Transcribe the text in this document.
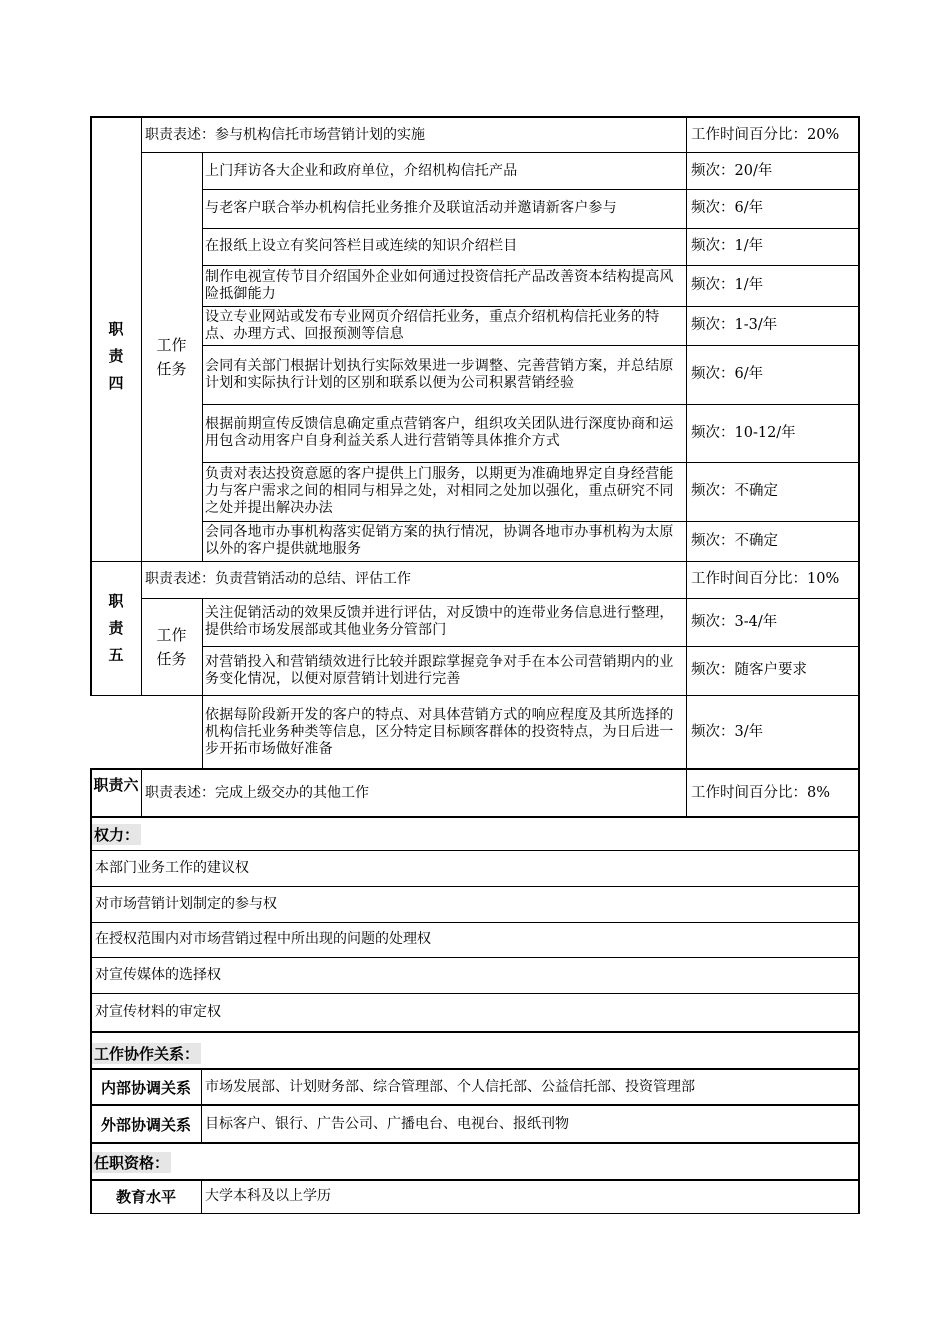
职
责
四
职责表述：参与机构信托市场营销计划的实施	工作时间百分比：20%
工作
任务
上门拜访各大企业和政府单位，介绍机构信托产品	频次：20/年
与老客户联合举办机构信托业务推介及联谊活动并邀请新客户参与	频次：6/年
在报纸上设立有奖问答栏目或连续的知识介绍栏目	频次：1/年
制作电视宣传节目介绍国外企业如何通过投资信托产品改善资本结构提高风险抵御能力
频次：1/年
设立专业网站或发布专业网页介绍信托业务，重点介绍机构信托业务的特点、办理方式、回报预测等信息
频次：1-3/年
会同有关部门根据计划执行实际效果进一步调整、完善营销方案，并总结原计划和实际执行计划的区别和联系以便为公司积累营销经验
频次：6/年
根据前期宣传反馈信息确定重点营销客户，组织攻关团队进行深度协商和运用包含动用客户自身利益关系人进行营销等具体推介方式
频次：10-12/年
负责对表达投资意愿的客户提供上门服务，以期更为准确地界定自身经营能力与客户需求之间的相同与相异之处，对相同之处加以强化，重点研究不同之处并提出解决办法
频次：不确定
会同各地市办事机构落实促销方案的执行情况，协调各地市办事机构为太原以外的客户提供就地服务
频次：不确定
职
责
五
职责表述：负责营销活动的总结、评估工作	工作时间百分比：10%
工作
任务
关注促销活动的效果反馈并进行评估，对反馈中的连带业务信息进行整理，提供给市场发展部或其他业务分管部门
频次：3-4/年
对营销投入和营销绩效进行比较并跟踪掌握竞争对手在本公司营销期内的业务变化情况，以便对原营销计划进行完善
频次：随客户要求
依据每阶段新开发的客户的特点、对具体营销方式的响应程度及其所选择的机构信托业务种类等信息，区分特定目标顾客群体的投资特点，为日后进一步开拓市场做好准备
频次：3/年
职责六 职责表述：完成上级交办的其他工作	工作时间百分比：8%
权力：
本部门业务工作的建议权
对市场营销计划制定的参与权
在授权范围内对市场营销过程中所出现的问题的处理权
对宣传媒体的选择权
对宣传材料的审定权
工作协作关系：
内部协调关系	市场发展部、计划财务部、综合管理部、个人信托部、公益信托部、投资管理部
外部协调关系	目标客户、银行、广告公司、广播电台、电视台、报纸刊物
任职资格：
教育水平	大学本科及以上学历
